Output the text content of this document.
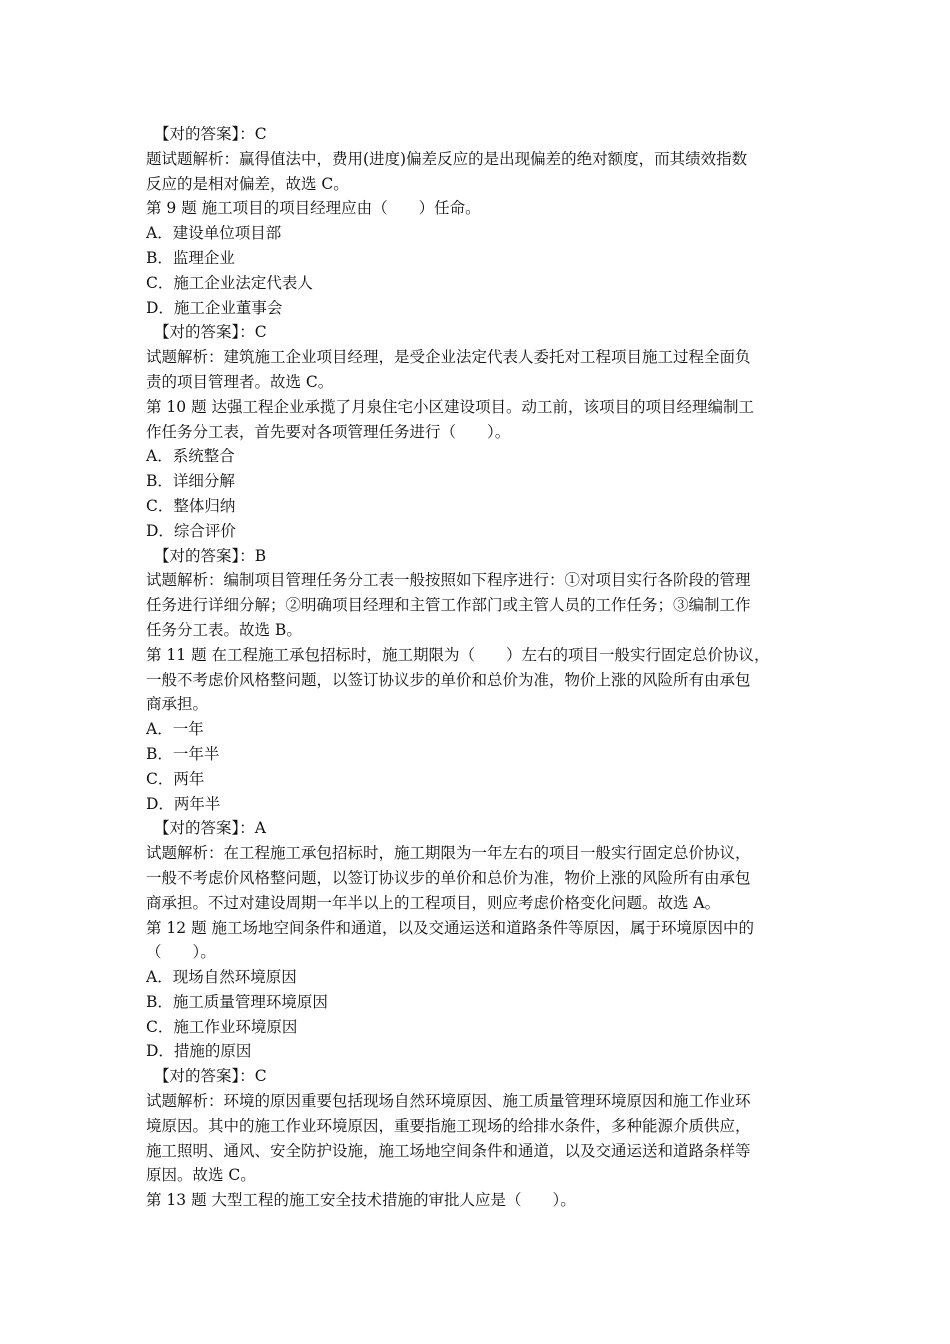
【对的答案】：C

题试题解析：赢得值法中，费用(进度)偏差反应的是出现偏差的绝对额度，而其绩效指数

反应的是相对偏差，故选 C。

第 9 题 施工项目的项目经理应由（　　）任命。

A．建设单位项目部

B．监理企业

C．施工企业法定代表人

D．施工企业董事会

【对的答案】：C

试题解析：建筑施工企业项目经理，是受企业法定代表人委托对工程项目施工过程全面负

责的项目管理者。故选 C。

第 10 题 达强工程企业承揽了月泉住宅小区建设项目。动工前，该项目的项目经理编制工

作任务分工表，首先要对各项管理任务进行（　　）。

A．系统整合

B．详细分解

C．整体归纳

D．综合评价

【对的答案】：B

试题解析：编制项目管理任务分工表一般按照如下程序进行：①对项目实行各阶段的管理

任务进行详细分解；②明确项目经理和主管工作部门或主管人员的工作任务；③编制工作

任务分工表。故选 B。

第 11 题 在工程施工承包招标时，施工期限为（　　）左右的项目一般实行固定总价协议，

一般不考虑价风格整问题，以签订协议步的单价和总价为准，物价上涨的风险所有由承包

商承担。

A．一年

B．一年半

C．两年

D．两年半

【对的答案】：A

试题解析：在工程施工承包招标时，施工期限为一年左右的项目一般实行固定总价协议，

一般不考虑价风格整问题，以签订协议步的单价和总价为准，物价上涨的风险所有由承包

商承担。不过对建设周期一年半以上的工程项目，则应考虑价格变化问题。故选 A。

第 12 题 施工场地空间条件和通道，以及交通运送和道路条件等原因，属于环境原因中的

（　　）。

A．现场自然环境原因

B．施工质量管理环境原因

C．施工作业环境原因

D．措施的原因

【对的答案】：C

试题解析：环境的原因重要包括现场自然环境原因、施工质量管理环境原因和施工作业环

境原因。其中的施工作业环境原因，重要指施工现场的给排水条件，多种能源介质供应，

施工照明、通风、安全防护设施，施工场地空间条件和通道，以及交通运送和道路条样等

原因。故选 C。

第 13 题 大型工程的施工安全技术措施的审批人应是（　　）。
